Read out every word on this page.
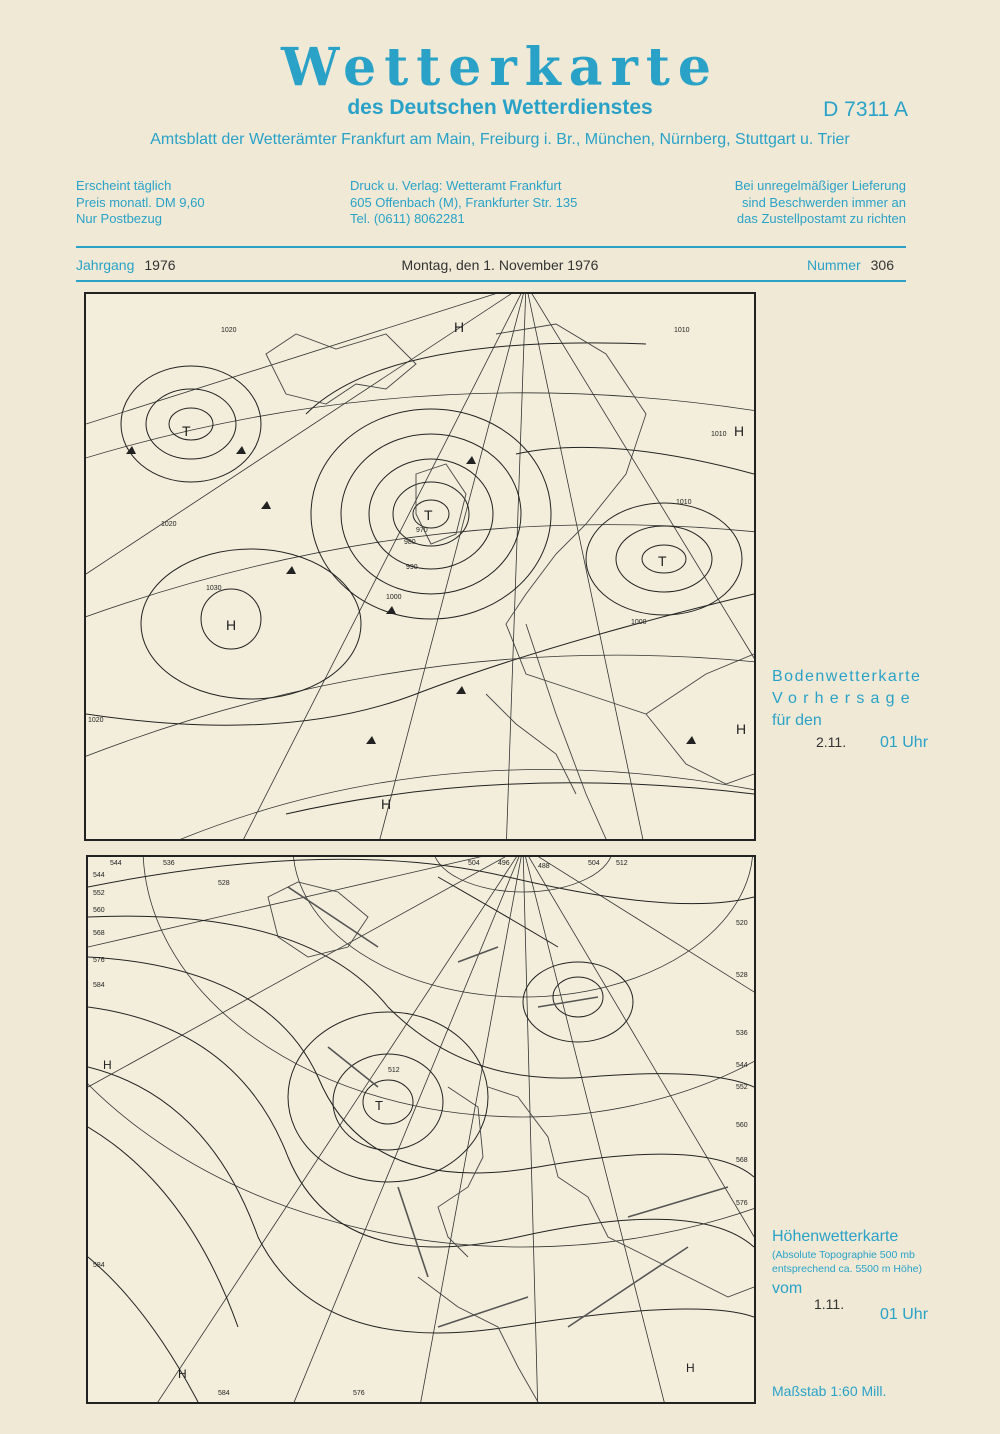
Wetterkarte
des Deutschen Wetterdienstes	D 7311 A
Amtsblatt der Wetterämter Frankfurt am Main, Freiburg i. Br., München, Nürnberg, Stuttgart u. Trier
Erscheint täglich
Preis monatl. DM 9,60
Nur Postbezug
Druck u. Verlag: Wetteramt Frankfurt
605 Offenbach (M), Frankfurter Str. 135
Tel. (0611) 8062281
Bei unregelmäßiger Lieferung
sind Beschwerden immer an
das Zustellpostamt zu richten
Jahrgang 1976	Montag, den 1. November 1976	Nummer 306
T
T
T
H
H
H
H
H
1020	1010
1000
990
980
970
1030
1020
1010
1000
1020
1010
Bodenwetterkarte
Vorhersage
für den
2.11. 01 Uhr
544	536
528
504	496	488	504 512
520
528
536
544
552
560
568
576
584
576
568
560
552
544
512
584
576
584
H
T
H	H
Höhenwetterkarte
(Absolute Topographie 500 mb
entsprechend ca. 5500 m Höhe)
vom
1.11.
01 Uhr
Maßstab 1:60 Mill.
